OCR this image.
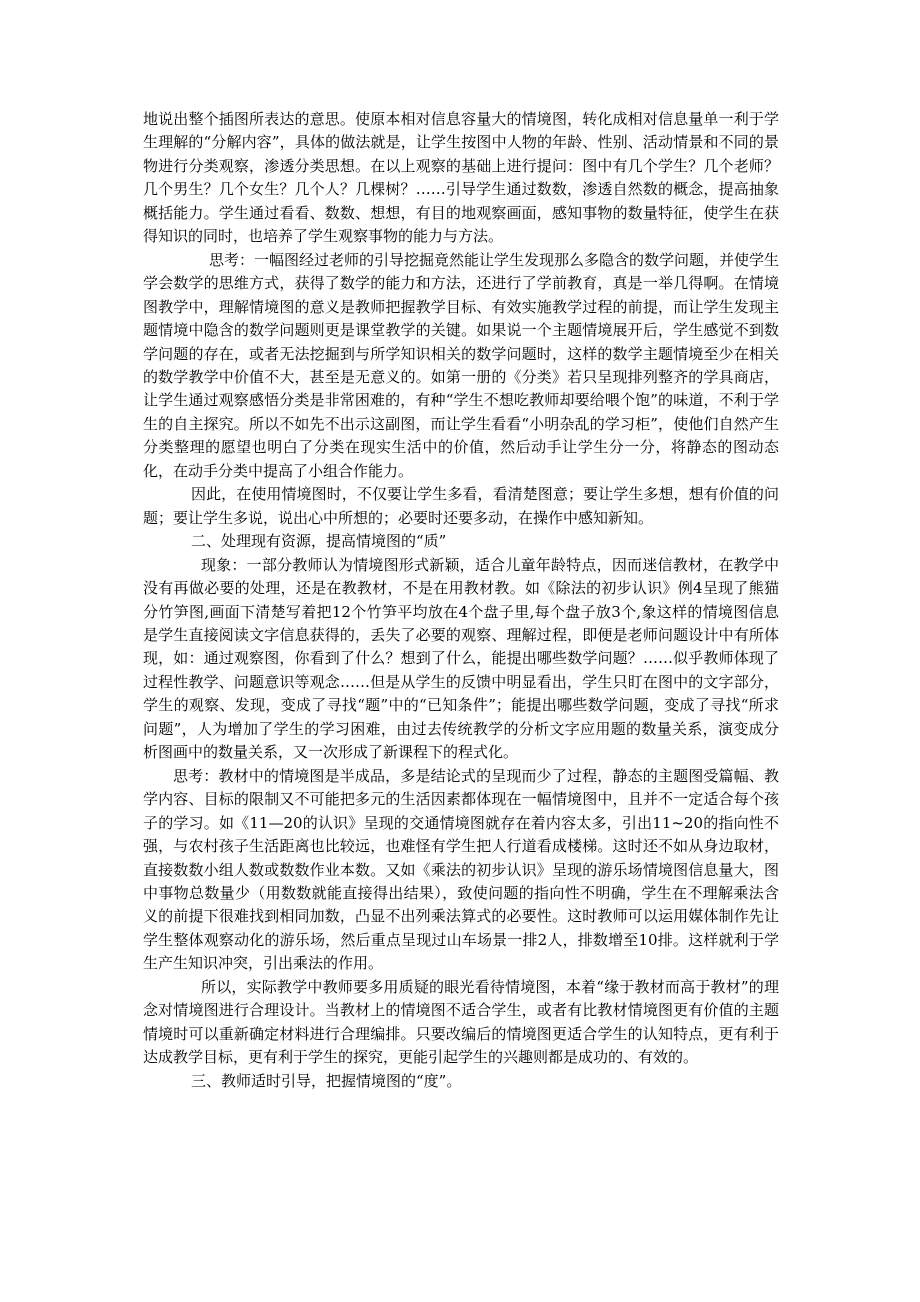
地说出整个插图所表达的意思。使原本相对信息容量大的情境图，转化成相对信息量单一利于学生理解的“分解内容”，具体的做法就是，让学生按图中人物的年龄、性别、活动情景和不同的景物进行分类观察，渗透分类思想。在以上观察的基础上进行提问：图中有几个学生？几个老师？几个男生？几个女生？几个人？几棵树？……引导学生通过数数，渗透自然数的概念，提高抽象概括能力。学生通过看看、数数、想想，有目的地观察画面，感知事物的数量特征，使学生在获得知识的同时，也培养了学生观察事物的能力与方法。

思考：一幅图经过老师的引导挖掘竟然能让学生发现那么多隐含的数学问题，并使学生学会数学的思维方式，获得了数学的能力和方法，还进行了学前教育，真是一举几得啊。在情境图教学中，理解情境图的意义是教师把握教学目标、有效实施教学过程的前提，而让学生发现主题情境中隐含的数学问题则更是课堂教学的关键。如果说一个主题情境展开后，学生感觉不到数学问题的存在，或者无法挖掘到与所学知识相关的数学问题时，这样的数学主题情境至少在相关的数学教学中价值不大，甚至是无意义的。如第一册的《分类》若只呈现排列整齐的学具商店，让学生通过观察感悟分类是非常困难的，有种“学生不想吃教师却要给喂个饱”的味道，不利于学生的自主探究。所以不如先不出示这副图，而让学生看看“小明杂乱的学习柜”，使他们自然产生分类整理的愿望也明白了分类在现实生活中的价值，然后动手让学生分一分，将静态的图动态化，在动手分类中提高了小组合作能力。

因此，在使用情境图时，不仅要让学生多看，看清楚图意；要让学生多想，想有价值的问题；要让学生多说，说出心中所想的；必要时还要多动，在操作中感知新知。

二、处理现有资源，提高情境图的“质”

现象：一部分教师认为情境图形式新颖，适合儿童年龄特点，因而迷信教材，在教学中没有再做必要的处理，还是在教教材，不是在用教材教。如《除法的初步认识》例4呈现了熊猫分竹笋图,画面下清楚写着把12个竹笋平均放在4个盘子里,每个盘子放3个,象这样的情境图信息是学生直接阅读文字信息获得的，丢失了必要的观察、理解过程，即便是老师问题设计中有所体现，如：通过观察图，你看到了什么？想到了什么，能提出哪些数学问题？……似乎教师体现了过程性教学、问题意识等观念……但是从学生的反馈中明显看出，学生只盯在图中的文字部分，学生的观察、发现，变成了寻找“题”中的“已知条件”；能提出哪些数学问题，变成了寻找“所求问题”，人为增加了学生的学习困难，由过去传统教学的分析文字应用题的数量关系，演变成分析图画中的数量关系，又一次形成了新课程下的程式化。

思考：教材中的情境图是半成品，多是结论式的呈现而少了过程，静态的主题图受篇幅、教学内容、目标的限制又不可能把多元的生活因素都体现在一幅情境图中，且并不一定适合每个孩子的学习。如《11—20的认识》呈现的交通情境图就存在着内容太多，引出11~20的指向性不强，与农村孩子生活距离也比较远，也难怪有学生把人行道看成楼梯。这时还不如从身边取材，直接数数小组人数或数数作业本数。又如《乘法的初步认识》呈现的游乐场情境图信息量大，图中事物总数量少（用数数就能直接得出结果），致使问题的指向性不明确，学生在不理解乘法含义的前提下很难找到相同加数，凸显不出列乘法算式的必要性。这时教师可以运用媒体制作先让学生整体观察动化的游乐场，然后重点呈现过山车场景一排2人，排数增至10排。这样就利于学生产生知识冲突，引出乘法的作用。

所以，实际教学中教师要多用质疑的眼光看待情境图，本着“缘于教材而高于教材”的理念对情境图进行合理设计。当教材上的情境图不适合学生，或者有比教材情境图更有价值的主题情境时可以重新确定材料进行合理编排。只要改编后的情境图更适合学生的认知特点，更有利于达成教学目标，更有利于学生的探究，更能引起学生的兴趣则都是成功的、有效的。

三、教师适时引导，把握情境图的“度”。
